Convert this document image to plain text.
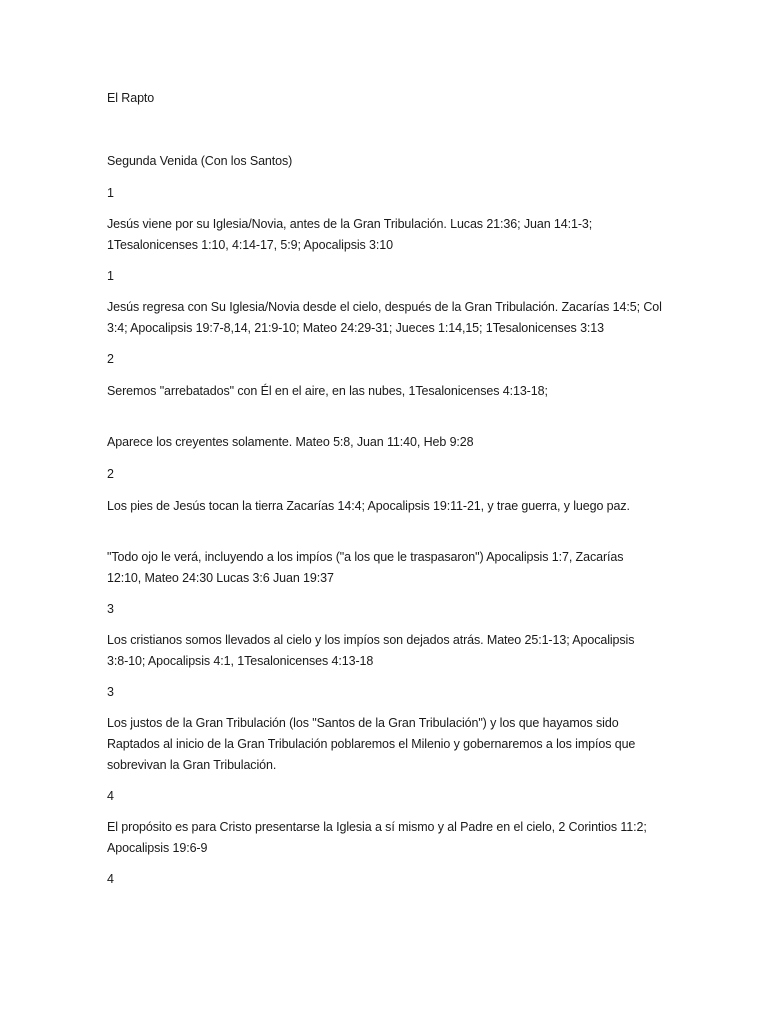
El Rapto

Segunda Venida (Con los Santos)

1

Jesús viene por su Iglesia/Novia, antes de la Gran Tribulación. Lucas 21:36; Juan 14:1-3;
1Tesalonicenses 1:10, 4:14-17, 5:9; Apocalipsis 3:10

1

Jesús regresa con Su Iglesia/Novia desde el cielo, después de la Gran Tribulación. Zacarías 14:5; Col
3:4; Apocalipsis 19:7-8,14, 21:9-10; Mateo 24:29-31; Jueces 1:14,15; 1Tesalonicenses 3:13

2

Seremos "arrebatados" con Él en el aire, en las nubes, 1Tesalonicenses 4:13-18;

Aparece los creyentes solamente. Mateo 5:8, Juan 11:40, Heb 9:28

2

Los pies de Jesús tocan la tierra Zacarías 14:4; Apocalipsis 19:11-21, y trae guerra, y luego paz.

"Todo ojo le verá, incluyendo a los impíos ("a los que le traspasaron") Apocalipsis 1:7, Zacarías
12:10, Mateo 24:30 Lucas 3:6 Juan 19:37

3

Los cristianos somos llevados al cielo y los impíos son dejados atrás. Mateo 25:1-13; Apocalipsis
3:8-10; Apocalipsis 4:1, 1Tesalonicenses 4:13-18

3

Los justos de la Gran Tribulación (los "Santos de la Gran Tribulación") y los que hayamos sido
Raptados al inicio de la Gran Tribulación poblaremos el Milenio y gobernaremos a los impíos que
sobrevivan la Gran Tribulación.

4

El propósito es para Cristo presentarse la Iglesia a sí mismo y al Padre en el cielo, 2 Corintios 11:2;
Apocalipsis 19:6-9

4
